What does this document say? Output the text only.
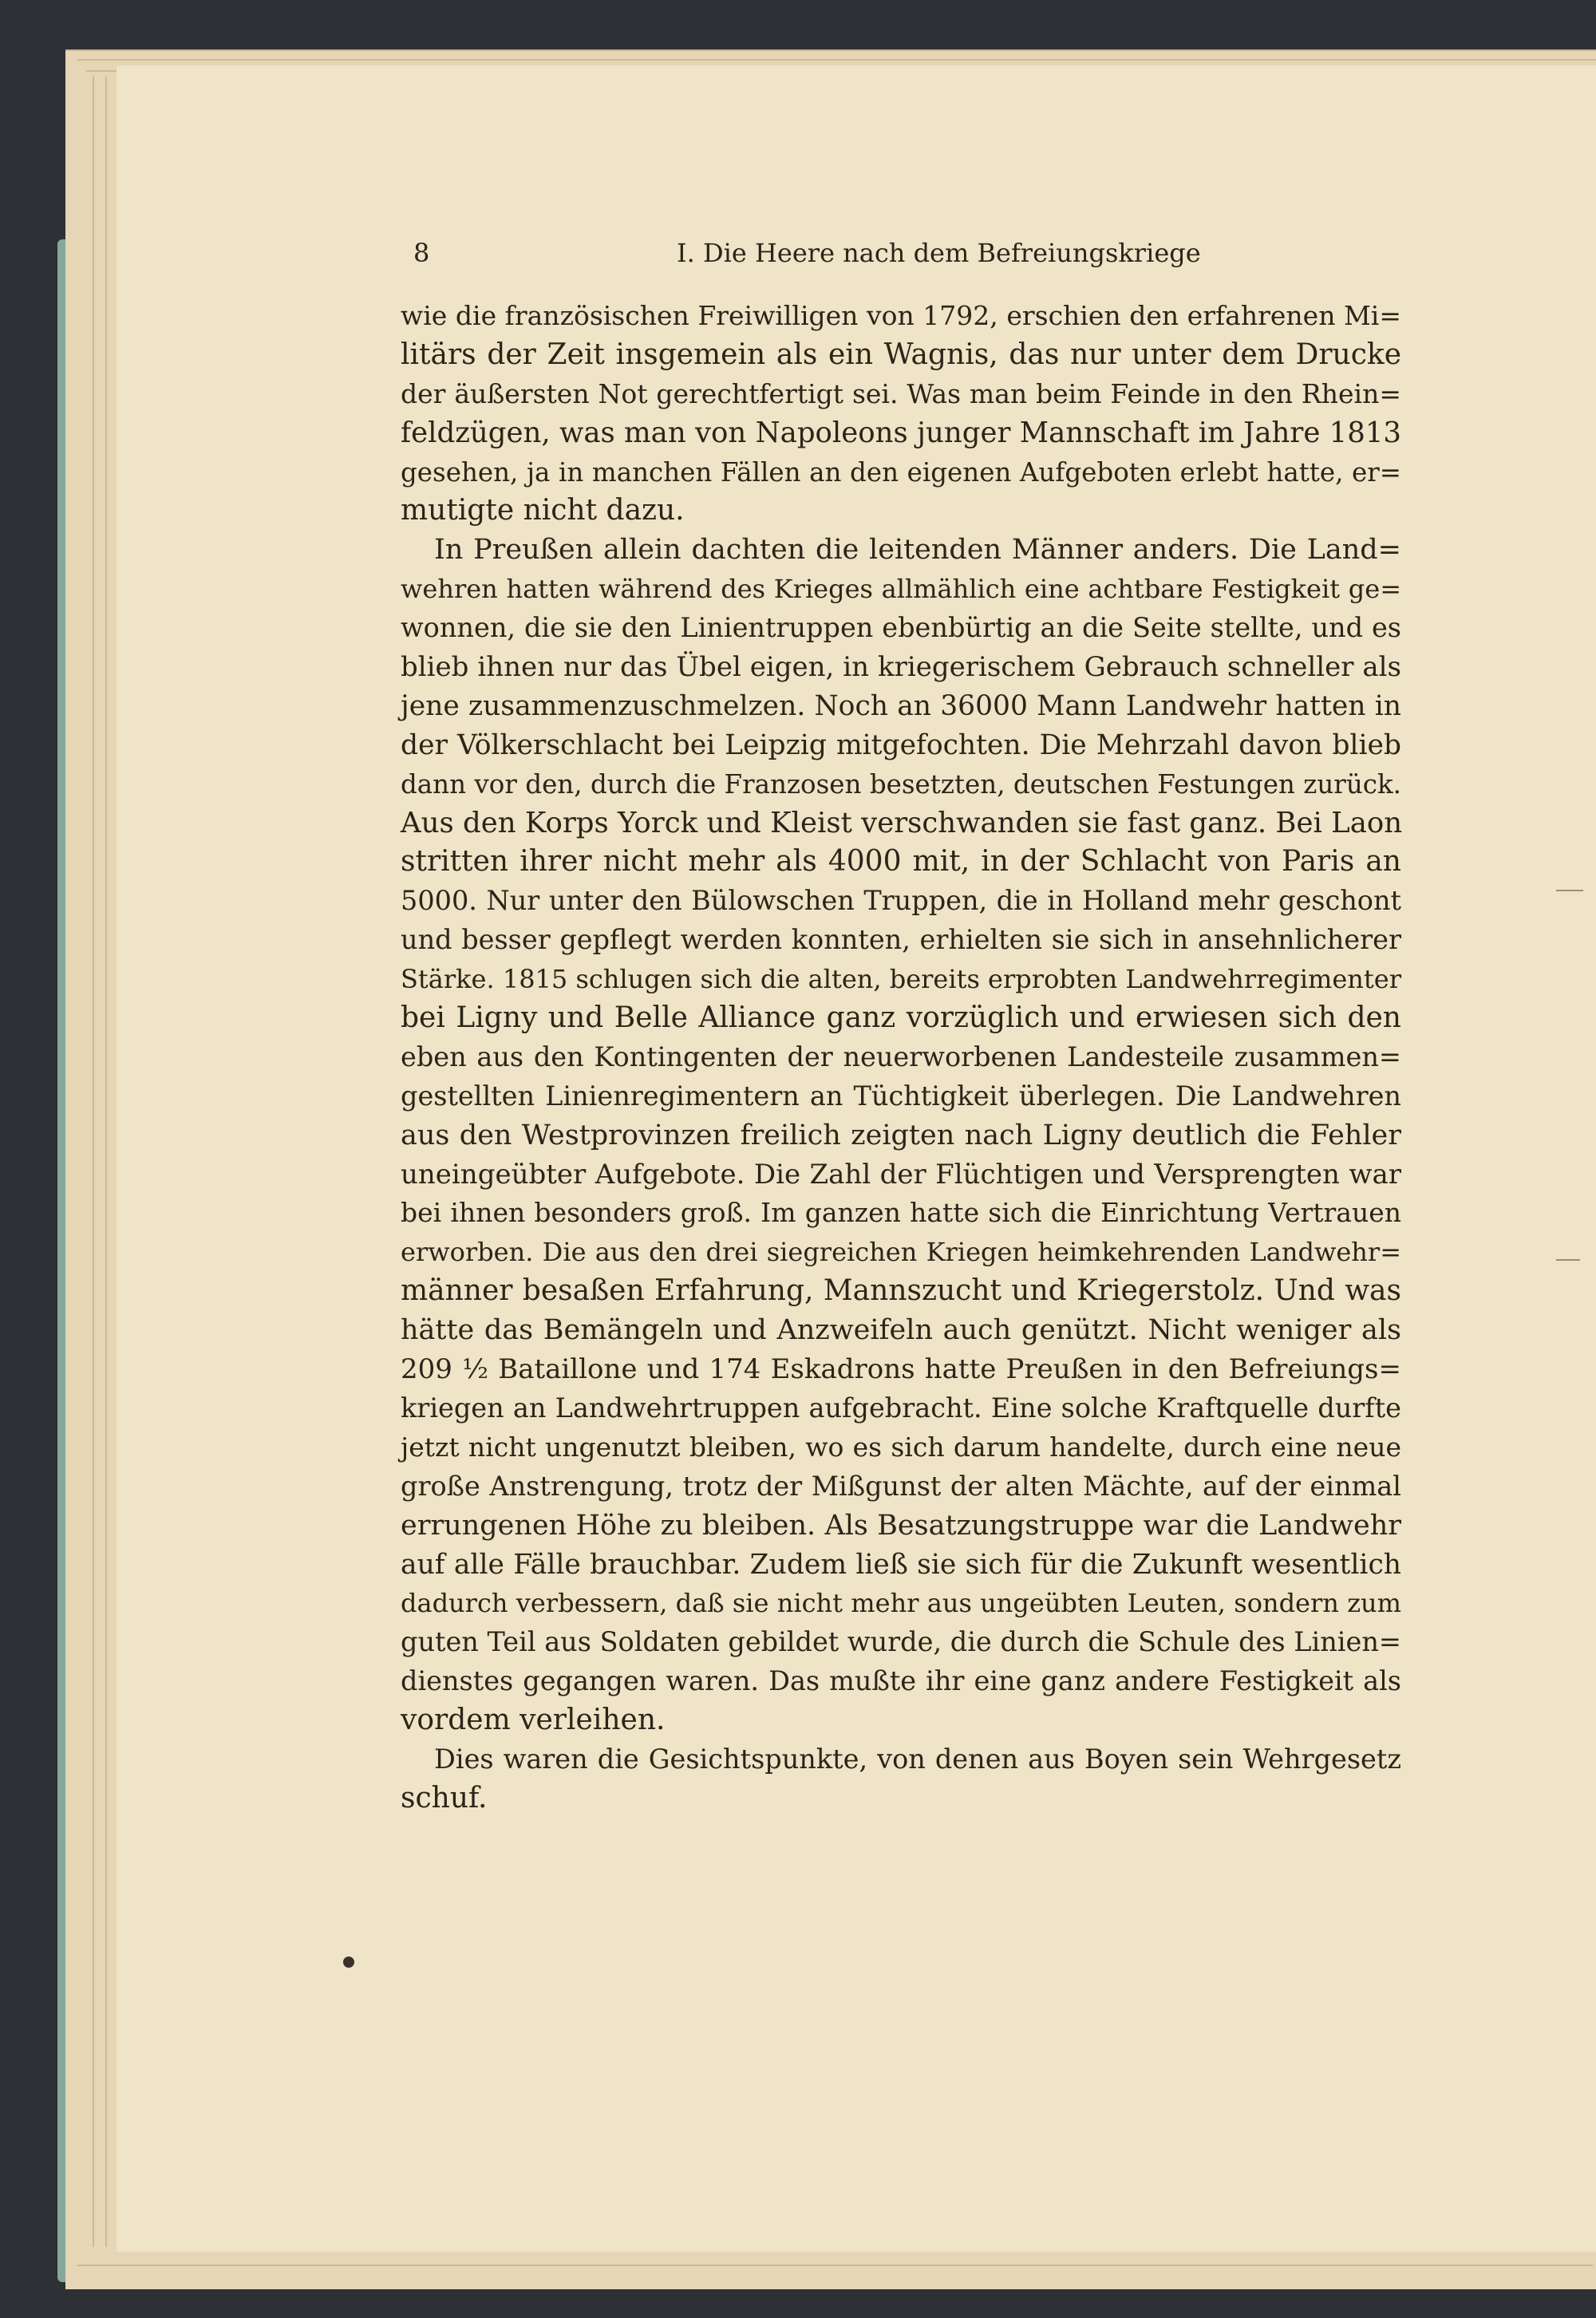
8	I. Die Heere nach dem Befreiungskriege
wie die französischen Freiwilligen von 1792, erschien den erfahrenen Mi=
litärs der Zeit insgemein als ein Wagnis, das nur unter dem Drucke
der äußersten Not gerechtfertigt sei. Was man beim Feinde in den Rhein=
feldzügen, was man von Napoleons junger Mannschaft im Jahre 1813
gesehen, ja in manchen Fällen an den eigenen Aufgeboten erlebt hatte, er=
mutigte nicht dazu.
In Preußen allein dachten die leitenden Männer anders. Die Land=
wehren hatten während des Krieges allmählich eine achtbare Festigkeit ge=
wonnen, die sie den Linientruppen ebenbürtig an die Seite stellte, und es
blieb ihnen nur das Übel eigen, in kriegerischem Gebrauch schneller als
jene zusammenzuschmelzen. Noch an 36000 Mann Landwehr hatten in
der Völkerschlacht bei Leipzig mitgefochten. Die Mehrzahl davon blieb
dann vor den, durch die Franzosen besetzten, deutschen Festungen zurück.
Aus den Korps Yorck und Kleist verschwanden sie fast ganz. Bei Laon
stritten ihrer nicht mehr als 4000 mit, in der Schlacht von Paris an
5000. Nur unter den Bülowschen Truppen, die in Holland mehr geschont
und besser gepflegt werden konnten, erhielten sie sich in ansehnlicherer
Stärke. 1815 schlugen sich die alten, bereits erprobten Landwehrregimenter
bei Ligny und Belle Alliance ganz vorzüglich und erwiesen sich den
eben aus den Kontingenten der neuerworbenen Landesteile zusammen=
gestellten Linienregimentern an Tüchtigkeit überlegen. Die Landwehren
aus den Westprovinzen freilich zeigten nach Ligny deutlich die Fehler
uneingeübter Aufgebote. Die Zahl der Flüchtigen und Versprengten war
bei ihnen besonders groß. Im ganzen hatte sich die Einrichtung Vertrauen
erworben. Die aus den drei siegreichen Kriegen heimkehrenden Landwehr=
männer besaßen Erfahrung, Mannszucht und Kriegerstolz. Und was
hätte das Bemängeln und Anzweifeln auch genützt. Nicht weniger als
209 ½ Bataillone und 174 Eskadrons hatte Preußen in den Befreiungs=
kriegen an Landwehrtruppen aufgebracht. Eine solche Kraftquelle durfte
jetzt nicht ungenutzt bleiben, wo es sich darum handelte, durch eine neue
große Anstrengung, trotz der Mißgunst der alten Mächte, auf der einmal
errungenen Höhe zu bleiben. Als Besatzungstruppe war die Landwehr
auf alle Fälle brauchbar. Zudem ließ sie sich für die Zukunft wesentlich
dadurch verbessern, daß sie nicht mehr aus ungeübten Leuten, sondern zum
guten Teil aus Soldaten gebildet wurde, die durch die Schule des Linien=
dienstes gegangen waren. Das mußte ihr eine ganz andere Festigkeit als
vordem verleihen.
Dies waren die Gesichtspunkte, von denen aus Boyen sein Wehrgesetz
schuf.
